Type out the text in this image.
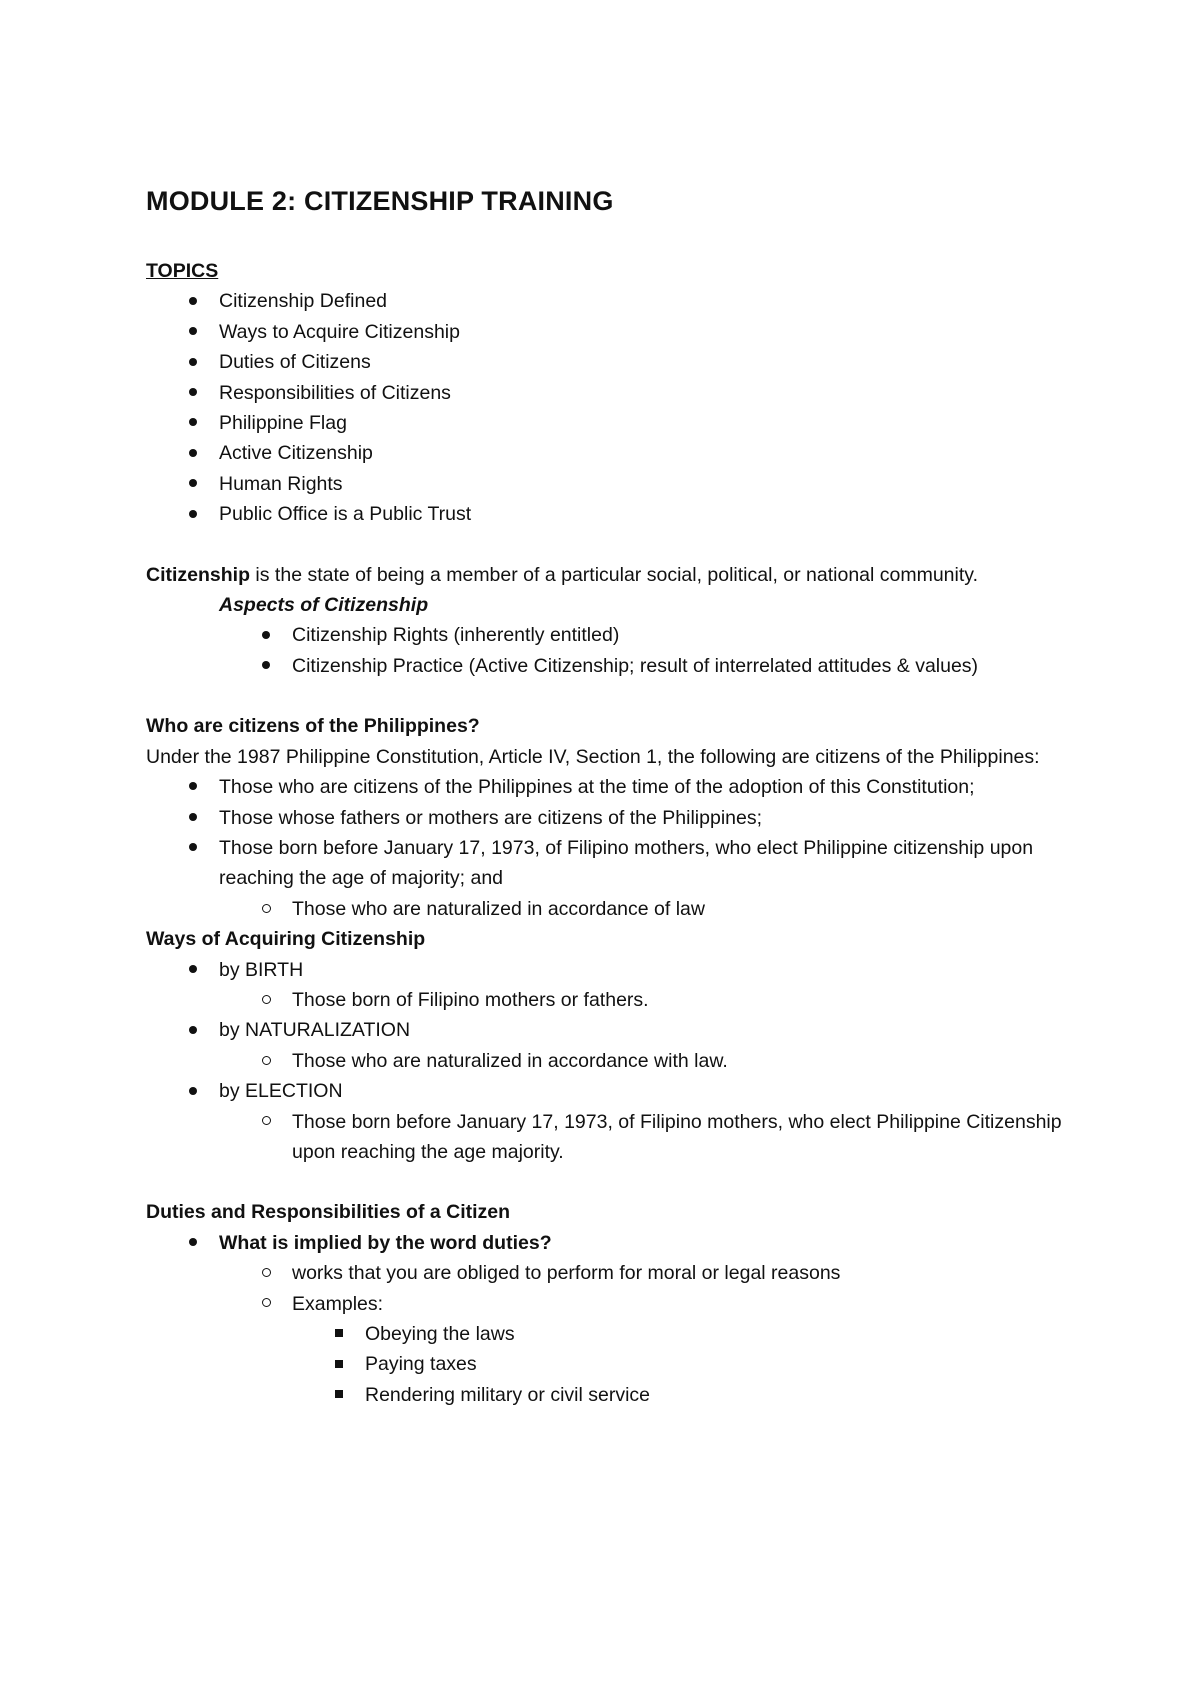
MODULE 2: CITIZENSHIP TRAINING

TOPICS

Citizenship Defined
Ways to Acquire Citizenship
Duties of Citizens
Responsibilities of Citizens
Philippine Flag
Active Citizenship
Human Rights
Public Office is a Public Trust

Citizenship is the state of being a member of a particular social, political, or national community.

Aspects of Citizenship

Citizenship Rights (inherently entitled)
Citizenship Practice (Active Citizenship; result of interrelated attitudes & values)

Who are citizens of the Philippines?

Under the 1987 Philippine Constitution, Article IV, Section 1, the following are citizens of the Philippines:

Those who are citizens of the Philippines at the time of the adoption of this Constitution;
Those whose fathers or mothers are citizens of the Philippines;
Those born before January 17, 1973, of Filipino mothers, who elect Philippine citizenship upon reaching the age of majority; and
Those who are naturalized in accordance of law

Ways of Acquiring Citizenship

by BIRTH
Those born of Filipino mothers or fathers.
by NATURALIZATION
Those who are naturalized in accordance with law.
by ELECTION
Those born before January 17, 1973, of Filipino mothers, who elect Philippine Citizenship upon reaching the age majority.

Duties and Responsibilities of a Citizen

What is implied by the word duties?
works that you are obliged to perform for moral or legal reasons
Examples:
Obeying the laws
Paying taxes
Rendering military or civil service
